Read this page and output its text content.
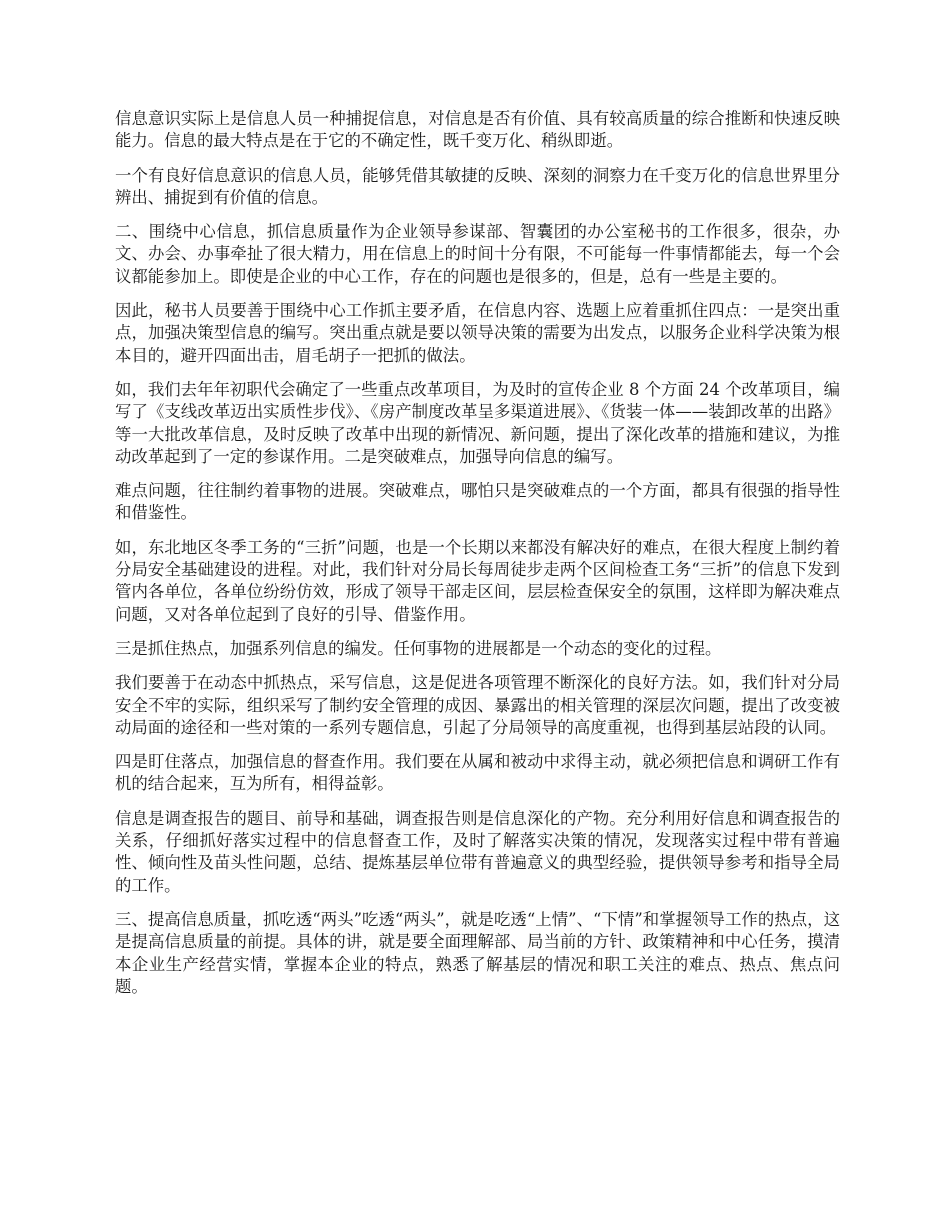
信息意识实际上是信息人员一种捕捉信息，对信息是否有价值、具有较高质量的综合推断和快速反映能力。信息的最大特点是在于它的不确定性，既千变万化、稍纵即逝。

一个有良好信息意识的信息人员，能够凭借其敏捷的反映、深刻的洞察力在千变万化的信息世界里分辨出、捕捉到有价值的信息。

二、围绕中心信息，抓信息质量作为企业领导参谋部、智囊团的办公室秘书的工作很多，很杂，办文、办会、办事牵扯了很大精力，用在信息上的时间十分有限，不可能每一件事情都能去，每一个会议都能参加上。即使是企业的中心工作，存在的问题也是很多的，但是，总有一些是主要的。

因此，秘书人员要善于围绕中心工作抓主要矛盾，在信息内容、选题上应着重抓住四点：一是突出重点，加强决策型信息的编写。突出重点就是要以领导决策的需要为出发点，以服务企业科学决策为根本目的，避开四面出击，眉毛胡子一把抓的做法。

如，我们去年年初职代会确定了一些重点改革项目，为及时的宣传企业 8 个方面 24 个改革项目，编写了《支线改革迈出实质性步伐》、《房产制度改革呈多渠道进展》、《货装一体——装卸改革的出路》等一大批改革信息，及时反映了改革中出现的新情况、新问题，提出了深化改革的措施和建议，为推动改革起到了一定的参谋作用。二是突破难点，加强导向信息的编写。

难点问题，往往制约着事物的进展。突破难点，哪怕只是突破难点的一个方面，都具有很强的指导性和借鉴性。

如，东北地区冬季工务的“三折”问题，也是一个长期以来都没有解决好的难点，在很大程度上制约着分局安全基础建设的进程。对此，我们针对分局长每周徒步走两个区间检查工务“三折”的信息下发到管内各单位，各单位纷纷仿效，形成了领导干部走区间，层层检查保安全的氛围，这样即为解决难点问题，又对各单位起到了良好的引导、借鉴作用。

三是抓住热点，加强系列信息的编发。任何事物的进展都是一个动态的变化的过程。

我们要善于在动态中抓热点，采写信息，这是促进各项管理不断深化的良好方法。如，我们针对分局安全不牢的实际，组织采写了制约安全管理的成因、暴露出的相关管理的深层次问题，提出了改变被动局面的途径和一些对策的一系列专题信息，引起了分局领导的高度重视，也得到基层站段的认同。

四是盯住落点，加强信息的督查作用。我们要在从属和被动中求得主动，就必须把信息和调研工作有机的结合起来，互为所有，相得益彰。

信息是调查报告的题目、前导和基础，调查报告则是信息深化的产物。充分利用好信息和调查报告的关系，仔细抓好落实过程中的信息督查工作，及时了解落实决策的情况，发现落实过程中带有普遍性、倾向性及苗头性问题，总结、提炼基层单位带有普遍意义的典型经验，提供领导参考和指导全局的工作。

三、提高信息质量，抓吃透“两头”吃透“两头”，就是吃透“上情”、“下情”和掌握领导工作的热点，这是提高信息质量的前提。具体的讲，就是要全面理解部、局当前的方针、政策精神和中心任务，摸清本企业生产经营实情，掌握本企业的特点，熟悉了解基层的情况和职工关注的难点、热点、焦点问题。
